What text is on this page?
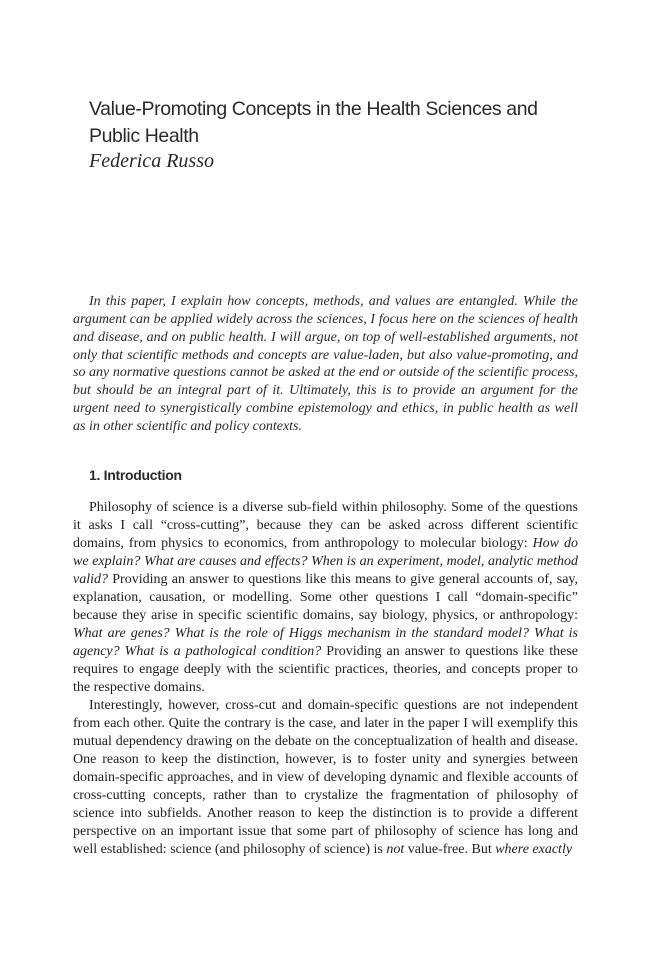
Value-Promoting Concepts in the Health Sciences and Public Health
Federica Russo

In this paper, I explain how concepts, methods, and values are entangled. While the argument can be applied widely across the sciences, I focus here on the sciences of health and disease, and on public health. I will argue, on top of well-established arguments, not only that scientific methods and concepts are value-laden, but also value-promoting, and so any normative questions cannot be asked at the end or outside of the scientific process, but should be an integral part of it. Ultimately, this is to provide an argument for the urgent need to synergistically combine epistemology and ethics, in public health as well as in other scientific and policy contexts.

1. Introduction

Philosophy of science is a diverse sub-field within philosophy. Some of the questions it asks I call “cross-cutting”, because they can be asked across different scientific domains, from physics to economics, from anthropology to molecular biology: How do we explain? What are causes and effects? When is an experiment, model, analytic method valid? Providing an answer to questions like this means to give general accounts of, say, explanation, causation, or modelling. Some other questions I call “domain-specific” because they arise in specific scientific domains, say biology, physics, or anthropology: What are genes? What is the role of Higgs mechanism in the standard model? What is agency? What is a pathological condition? Providing an answer to questions like these requires to engage deeply with the scientific practices, theories, and concepts proper to the respective domains.

Interestingly, however, cross-cut and domain-specific questions are not independent from each other. Quite the contrary is the case, and later in the paper I will exemplify this mutual dependency drawing on the debate on the conceptualization of health and disease. One reason to keep the distinction, however, is to foster unity and synergies between domain-specific approaches, and in view of developing dynamic and flexible accounts of cross-cutting concepts, rather than to crystalize the fragmentation of philosophy of science into subfields. Another reason to keep the distinction is to provide a different perspective on an important issue that some part of philosophy of science has long and well established: science (and philosophy of science) is not value-free. But where exactly
